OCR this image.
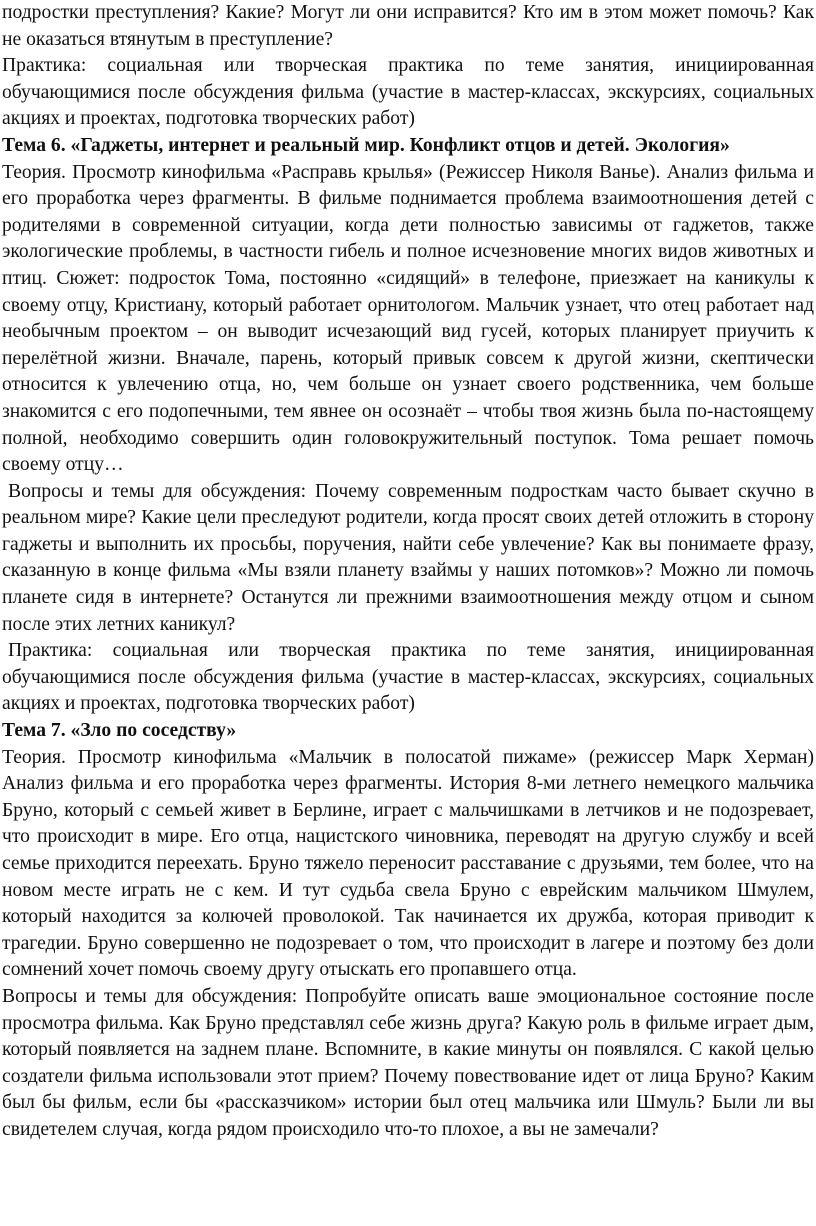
подростки преступления? Какие? Могут ли они исправится? Кто им в этом может помочь? Как не оказаться втянутым в преступление?

Практика: социальная или творческая практика по теме занятия, инициированная обучающимися после обсуждения фильма (участие в мастер-классах, экскурсиях, социальных акциях и проектах, подготовка творческих работ)

Тема 6. «Гаджеты, интернет и реальный мир. Конфликт отцов и детей. Экология»

Теория. Просмотр кинофильма «Расправь крылья» (Режиссер Николя Ванье). Анализ фильма и его проработка через фрагменты. В фильме поднимается проблема взаимоотношения детей с родителями в современной ситуации, когда дети полностью зависимы от гаджетов, также экологические проблемы, в частности гибель и полное исчезновение многих видов животных и птиц. Сюжет: подросток Тома, постоянно «сидящий» в телефоне, приезжает на каникулы к своему отцу, Кристиану, который работает орнитологом. Мальчик узнает, что отец работает над необычным проектом – он выводит исчезающий вид гусей, которых планирует приучить к перелётной жизни. Вначале, парень, который привык совсем к другой жизни, скептически относится к увлечению отца, но, чем больше он узнает своего родственника, чем больше знакомится с его подопечными, тем явнее он осознаёт – чтобы твоя жизнь была по-настоящему полной, необходимо совершить один головокружительный поступок. Тома решает помочь своему отцу…

Вопросы и темы для обсуждения: Почему современным подросткам часто бывает скучно в реальном мире? Какие цели преследуют родители, когда просят своих детей отложить в сторону гаджеты и выполнить их просьбы, поручения, найти себе увлечение? Как вы понимаете фразу, сказанную в конце фильма «Мы взяли планету взаймы у наших потомков»? Можно ли помочь планете сидя в интернете? Останутся ли прежними взаимоотношения между отцом и сыном после этих летних каникул?

Практика: социальная или творческая практика по теме занятия, инициированная обучающимися после обсуждения фильма (участие в мастер-классах, экскурсиях, социальных акциях и проектах, подготовка творческих работ)

Тема 7. «Зло по соседству»

Теория. Просмотр кинофильма «Мальчик в полосатой пижаме» (режиссер Марк Херман) Анализ фильма и его проработка через фрагменты. История 8-ми летнего немецкого мальчика Бруно, который с семьей живет в Берлине, играет с мальчишками в летчиков и не подозревает, что происходит в мире. Его отца, нацистского чиновника, переводят на другую службу и всей семье приходится переехать. Бруно тяжело переносит расставание с друзьями, тем более, что на новом месте играть не с кем. И тут судьба свела Бруно с еврейским мальчиком Шмулем, который находится за колючей проволокой. Так начинается их дружба, которая приводит к трагедии. Бруно совершенно не подозревает о том, что происходит в лагере и поэтому без доли сомнений хочет помочь своему другу отыскать его пропавшего отца.

Вопросы и темы для обсуждения: Попробуйте описать ваше эмоциональное состояние после просмотра фильма. Как Бруно представлял себе жизнь друга? Какую роль в фильме играет дым, который появляется на заднем плане. Вспомните, в какие минуты он появлялся. С какой целью создатели фильма использовали этот прием? Почему повествование идет от лица Бруно? Каким был бы фильм, если бы «рассказчиком» истории был отец мальчика или Шмуль? Были ли вы свидетелем случая, когда рядом происходило что-то плохое, а вы не замечали?
